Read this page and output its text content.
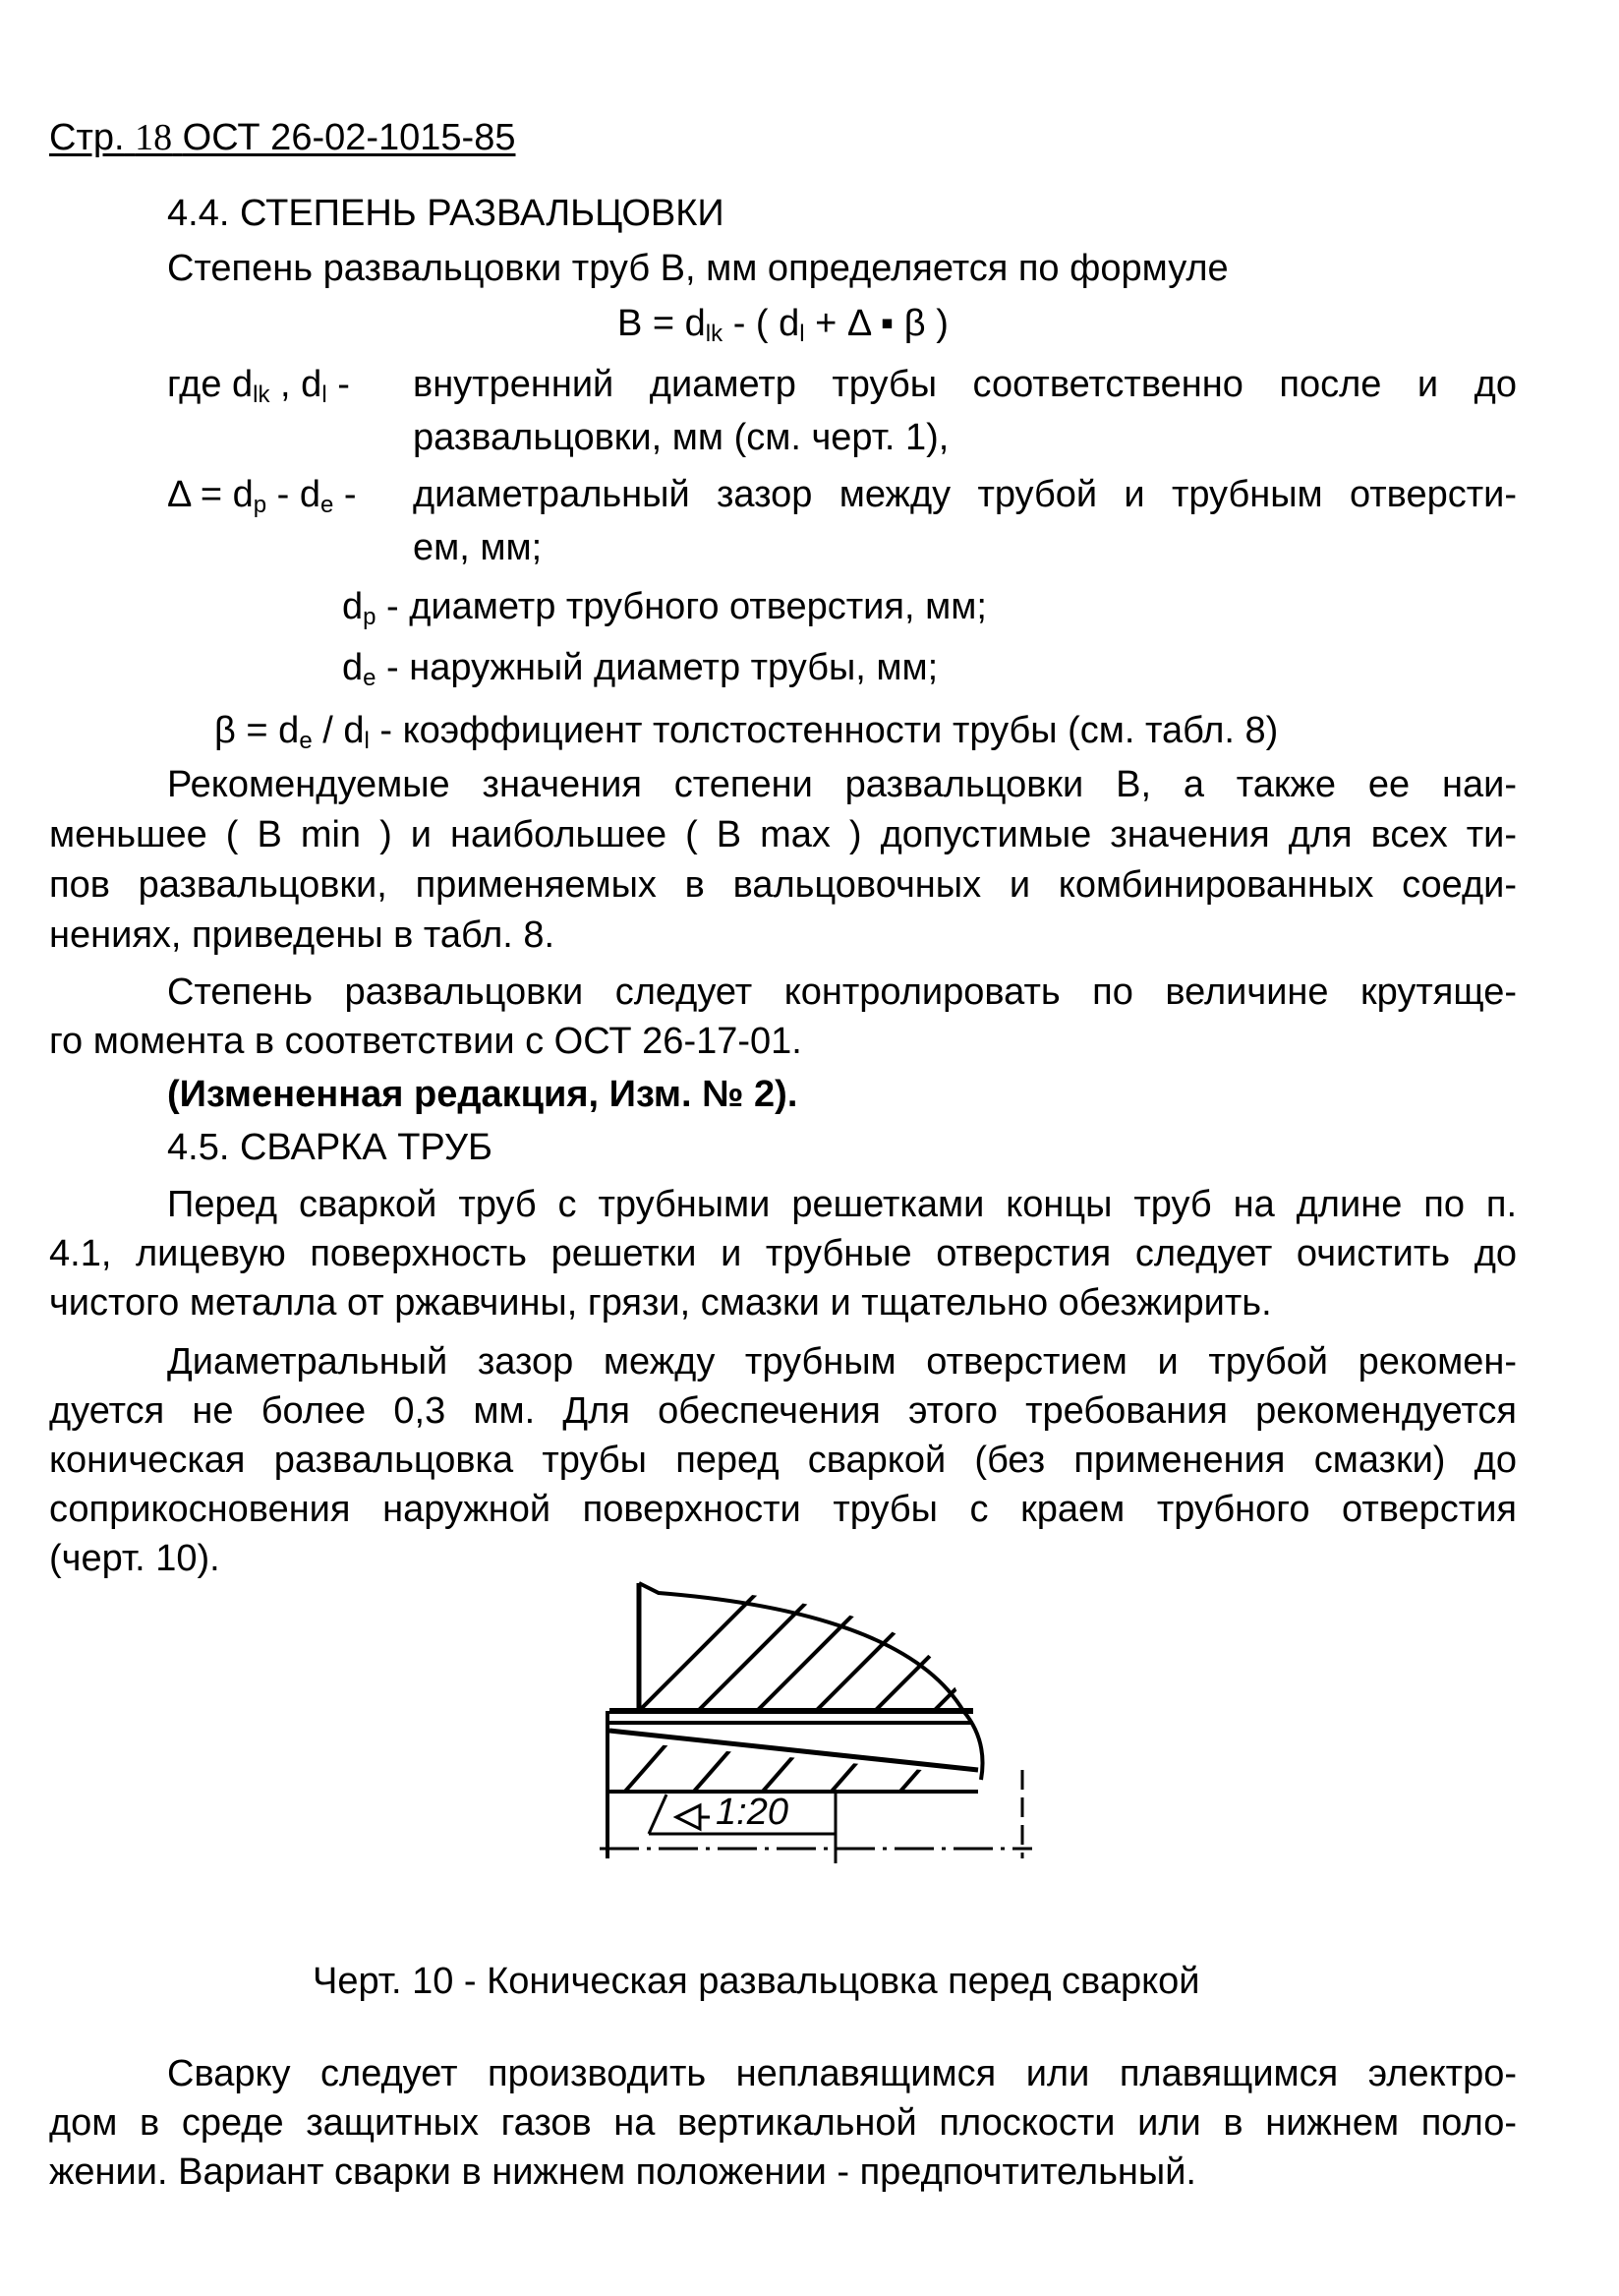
Стр. 18 ОСТ 26-02-1015-85
4.4. СТЕПЕНЬ РАЗВАЛЬЦОВКИ
Степень развальцовки труб В, мм определяется по формуле
$B = d_{lk}$ - ( $d_l + \Delta$ ▪ β )
где $d_{lk}$ , $d_l$ - внутренний диаметр трубы соответственно после и до
развальцовки, мм (см. черт. 1),
$\Delta = d_p - d_e$ - диаметральный зазор между трубой и трубным отверсти-
ем, мм;
$d_p$ - диаметр трубного отверстия, мм;
$d_e$ - наружный диаметр трубы, мм;
$\beta = d_e / d_l$ - коэффициент толстостенности трубы (см. табл. 8)
Рекомендуемые значения степени развальцовки В, а также ее наи-
меньшее ( В min ) и наибольшее ( В max ) допустимые значения для всех ти-
пов развальцовки, применяемых в вальцовочных и комбинированных соеди-
нениях, приведены в табл. 8.
Степень развальцовки следует контролировать по величине крутяще-
го момента в соответствии с ОСТ 26-17-01.
(Измененная редакция, Изм. № 2).
4.5. СВАРКА ТРУБ
Перед сваркой труб с трубными решетками концы труб на длине по п.
4.1, лицевую поверхность решетки и трубные отверстия следует очистить до
чистого металла от ржавчины, грязи, смазки и тщательно обезжирить.
Диаметральный зазор между трубным отверстием и трубой рекомен-
дуется не более 0,3 мм. Для обеспечения этого требования рекомендуется
коническая развальцовка трубы перед сваркой (без применения смазки) до
соприкосновения наружной поверхности трубы с краем трубного отверстия
(черт. 10).
1:20
Черт. 10 - Коническая развальцовка перед сваркой
Сварку следует производить неплавящимся или плавящимся электро-
дом в среде защитных газов на вертикальной плоскости или в нижнем поло-
жении. Вариант сварки в нижнем положении - предпочтительный.
